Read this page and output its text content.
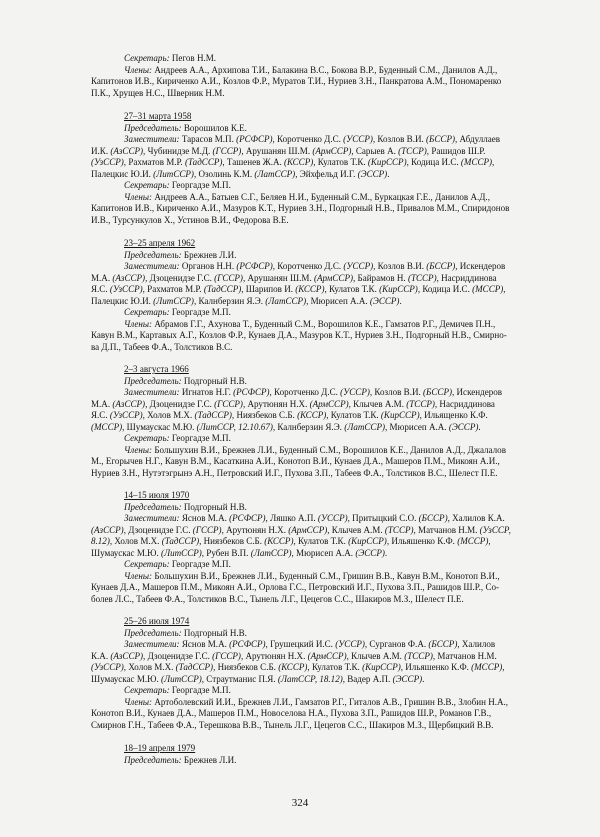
Секретарь: Пегов Н.М.
Члены: Андреев А.А., Архипова Т.И., Балакина В.С., Бокова В.Р., Буденный С.М., Данилов А.Д.,
Капитонов И.В., Кириченко А.И., Козлов Ф.Р., Муратов Т.И., Нуриев З.Н., Панкратова А.М., Пономаренко
П.К., Хрущев Н.С., Шверник Н.М.
27–31 марта 1958
Председатель: Ворошилов К.Е.
Заместители: Тарасов М.П. (РСФСР), Коротченко Д.С. (УССР), Козлов В.И. (БССР), Абдуллаев
И.К. (АзССР), Чубинидзе М.Д. (ГССР), Арушанян Ш.М. (АрмССР), Сарыев А. (ТССР), Рашидов Ш.Р.
(УзССР), Рахматов М.Р. (ТадССР), Ташенев Ж.А. (КССР), Кулатов Т.К. (КирССР), Кодица И.С. (МССР),
Палецкис Ю.И. (ЛитССР), Озолинь К.М. (ЛатССР), Эйхфельд И.Г. (ЭССР).
Секретарь: Георгадзе М.П.
Члены: Андреев А.А., Батыев С.Г., Беляев Н.И., Буденный С.М., Буркацкая Г.Е., Данилов А.Д.,
Капитонов И.В., Кириченко А.И., Мазуров К.Т., Нуриев З.Н., Подгорный Н.В., Привалов М.М., Спиридонов
И.В., Турсункулов Х., Устинов В.И., Федорова В.Е.
23–25 апреля 1962
Председатель: Брежнев Л.И.
Заместители: Органов Н.Н. (РСФСР), Коротченко Д.С. (УССР), Козлов В.И. (БССР), Искендеров
М.А. (АзССР), Дзоценидзе Г.С. (ГССР), Арушанян Ш.М. (АрмССР), Байрамов Н. (ТССР), Насриддинова
Я.С. (УзССР), Рахматов М.Р. (ТадССР), Шарипов И. (КССР), Кулатов Т.К. (КирССР), Кодица И.С. (МССР),
Палецкис Ю.И. (ЛитССР), Калнберзин Я.Э. (ЛатССР), Мюрисеп А.А. (ЭССР).
Секретарь: Георгадзе М.П.
Члены: Абрамов Г.Г., Ахунова Т., Буденный С.М., Ворошилов К.Е., Гамзатов Р.Г., Демичев П.Н.,
Кавун В.М., Картавых А.Г., Козлов Ф.Р., Кунаев Д.А., Мазуров К.Т., Нуриев З.Н., Подгорный Н.В., Смирно-
ва Д.П., Табеев Ф.А., Толстиков В.С.
2–3 августа 1966
Председатель: Подгорный Н.В.
Заместители: Игнатов Н.Г. (РСФСР), Коротченко Д.С. (УССР), Козлов В.И. (БССР), Искендеров
М.А. (АзССР), Дзоценидзе Г.С. (ГССР), Арутюнян Н.Х. (АрмССР), Клычев А.М. (ТССР), Насриддинова
Я.С. (УзССР), Холов М.Х. (ТадССР), Ниязбеков С.Б. (КССР), Кулатов Т.К. (КирССР), Ильященко К.Ф.
(МССР), Шумаускас М.Ю. (ЛитССР, 12.10.67), Калнберзин Я.Э. (ЛатССР), Мюрисеп А.А. (ЭССР).
Секретарь: Георгадзе М.П.
Члены: Большухин В.И., Брежнев Л.И., Буденный С.М., Ворошилов К.Е., Данилов А.Д., Джалалов
М., Егорычев Н.Г., Кавун В.М., Касаткина А.И., Конотоп В.И., Кунаев Д.А., Машеров П.М., Микоян А.И.,
Нуриев З.Н., Нутэтэгрынэ А.Н., Петровский И.Г., Пухова З.П., Табеев Ф.А., Толстиков В.С., Шелест П.Е.
14–15 июля 1970
Председатель: Подгорный Н.В.
Заместители: Яснов М.А. (РСФСР), Ляшко А.П. (УССР), Притыцкий С.О. (БССР), Халилов К.А.
(АзССР), Дзоценидзе Г.С. (ГССР), Арутюнян Н.Х. (АрмССР), Клычев А.М. (ТССР), Матчанов Н.М. (УзССР,
8.12), Холов М.Х. (ТадССР), Ниязбеков С.Б. (КССР), Кулатов Т.К. (КирССР), Ильяшенко К.Ф. (МССР),
Шумаускас М.Ю. (ЛитССР), Рубен В.П. (ЛатССР), Мюрисеп А.А. (ЭССР).
Секретарь: Георгадзе М.П.
Члены: Большухин В.И., Брежнев Л.И., Буденный С.М., Гришин В.В., Кавун В.М., Конотоп В.И.,
Кунаев Д.А., Машеров П.М., Микоян А.И., Орлова Г.С., Петровский И.Г., Пухова З.П., Рашидов Ш.Р., Со-
болев Л.С., Табеев Ф.А., Толстиков В.С., Тынель Л.Г., Цецегов С.С., Шакиров М.З., Шелест П.Е.
25–26 июля 1974
Председатель: Подгорный Н.В.
Заместители: Яснов М.А. (РСФСР), Грушецкий И.С. (УССР), Сурганов Ф.А. (БССР), Халилов
К.А. (АзССР), Дзоценидзе Г.С. (ГССР), Арутюнян Н.Х. (АрмССР), Клычев А.М. (ТССР), Матчанов Н.М.
(УзССР), Холов М.Х. (ТадССР), Ниязбеков С.Б. (КССР), Кулатов Т.К. (КирССР), Ильяшенко К.Ф. (МССР),
Шумаускас М.Ю. (ЛитССР), Страутманис П.Я. (ЛатССР, 18.12), Вадер А.П. (ЭССР).
Секретарь: Георгадзе М.П.
Члены: Артоболевский И.И., Брежнев Л.И., Гамзатов Р.Г., Гиталов А.В., Гришин В.В., Злобин Н.А.,
Конотоп В.И., Кунаев Д.А., Машеров П.М., Новоселова Н.А., Пухова З.П., Рашидов Ш.Р., Романов Г.В.,
Смирнов Г.Н., Табеев Ф.А., Терешкова В.В., Тынель Л.Г., Цецегов С.С., Шакиров М.З., Щербицкий В.В.
18–19 апреля 1979
Председатель: Брежнев Л.И.
324
